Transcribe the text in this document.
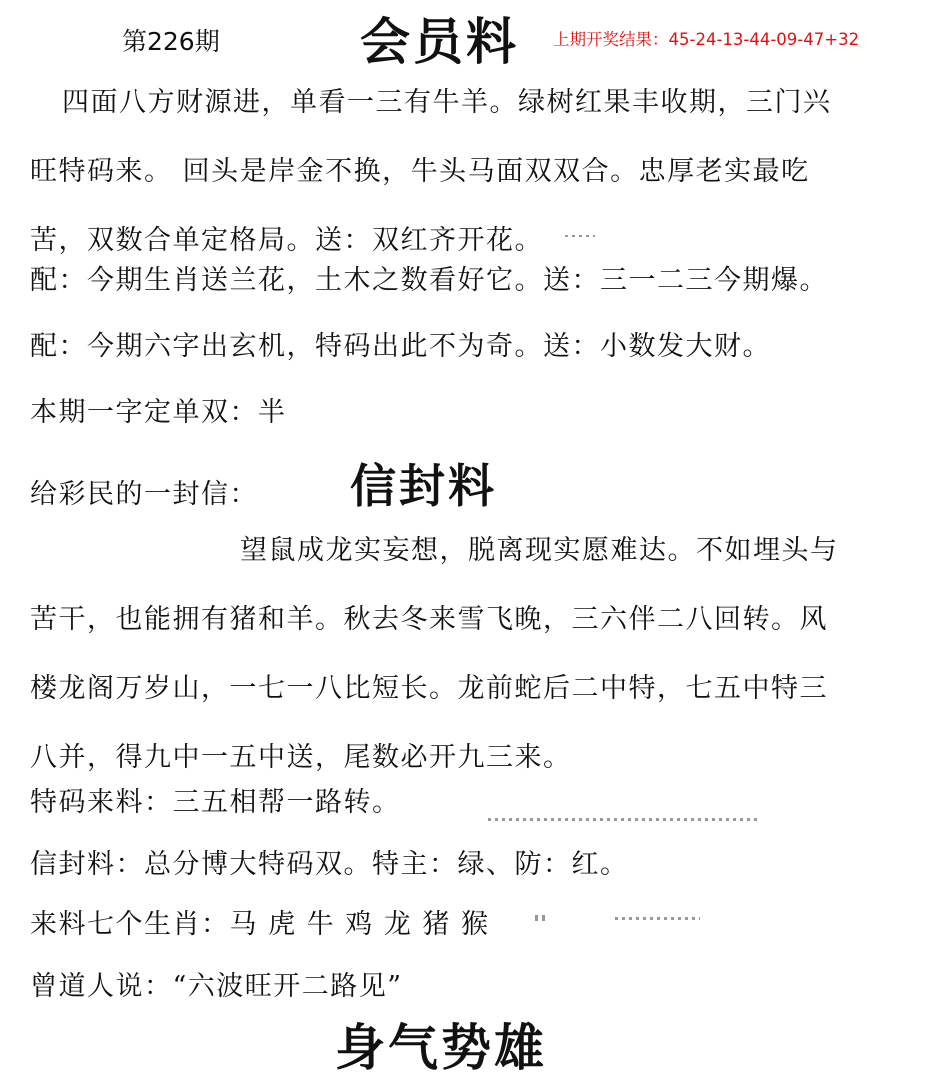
第226期	会员料 上期开奖结果：45-24-13-44-09-47+32
四面八方财源进，单看一三有牛羊。绿树红果丰收期，三门兴
旺特码来。 回头是岸金不换，牛头马面双双合。忠厚老实最吃
苦，双数合单定格局。送：双红齐开花。
配：今期生肖送兰花，土木之数看好它。送：三一二三今期爆。
配：今期六字出玄机，特码出此不为奇。送：小数发大财。
本期一字定单双：半
给彩民的一封信： 信封料
望鼠成龙实妄想，脱离现实愿难达。不如埋头与
苦干，也能拥有猪和羊。秋去冬来雪飞晚，三六伴二八回转。风
楼龙阁万岁山，一七一八比短长。龙前蛇后二中特，七五中特三
八并，得九中一五中送，尾数必开九三来。
特码来料：三五相帮一路转。
信封料：总分博大特码双。特主：绿、防：红。
来料七个生肖：马 虎 牛 鸡 龙 猪 猴
曾道人说：“六波旺开二路见”
身气势雄
